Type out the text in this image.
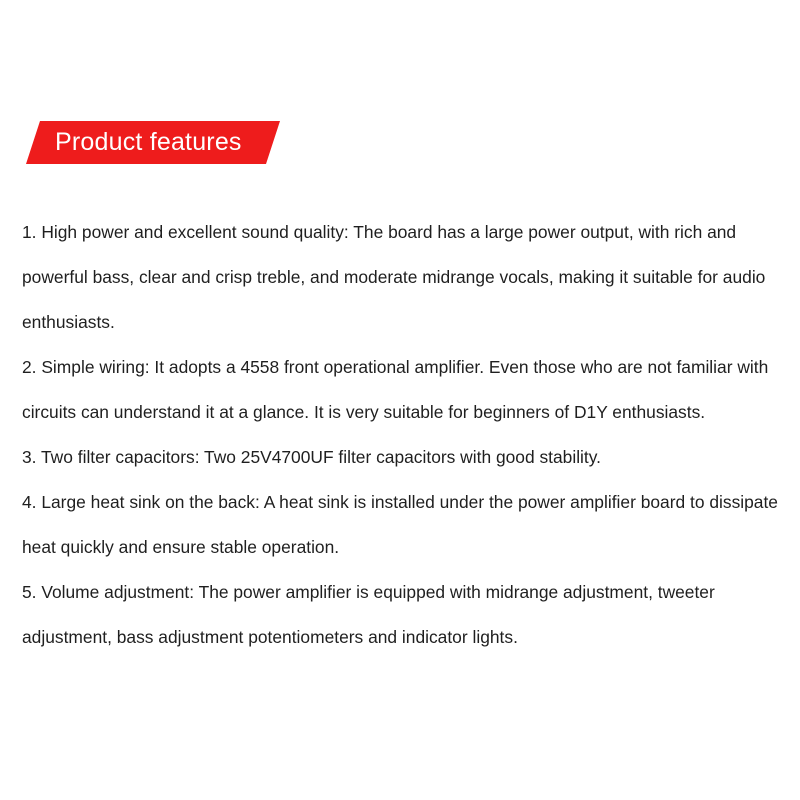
Product features

1. High power and excellent sound quality: The board has a large power output, with rich and powerful bass, clear and crisp treble, and moderate midrange vocals, making it suitable for audio enthusiasts.

2. Simple wiring: It adopts a 4558 front operational amplifier. Even those who are not familiar with circuits can understand it at a glance. It is very suitable for beginners of D1Y enthusiasts.

3. Two filter capacitors: Two 25V4700UF filter capacitors with good stability.

4. Large heat sink on the back: A heat sink is installed under the power amplifier board to dissipate heat quickly and ensure stable operation.

5. Volume adjustment: The power amplifier is equipped with midrange adjustment, tweeter adjustment, bass adjustment potentiometers and indicator lights.
